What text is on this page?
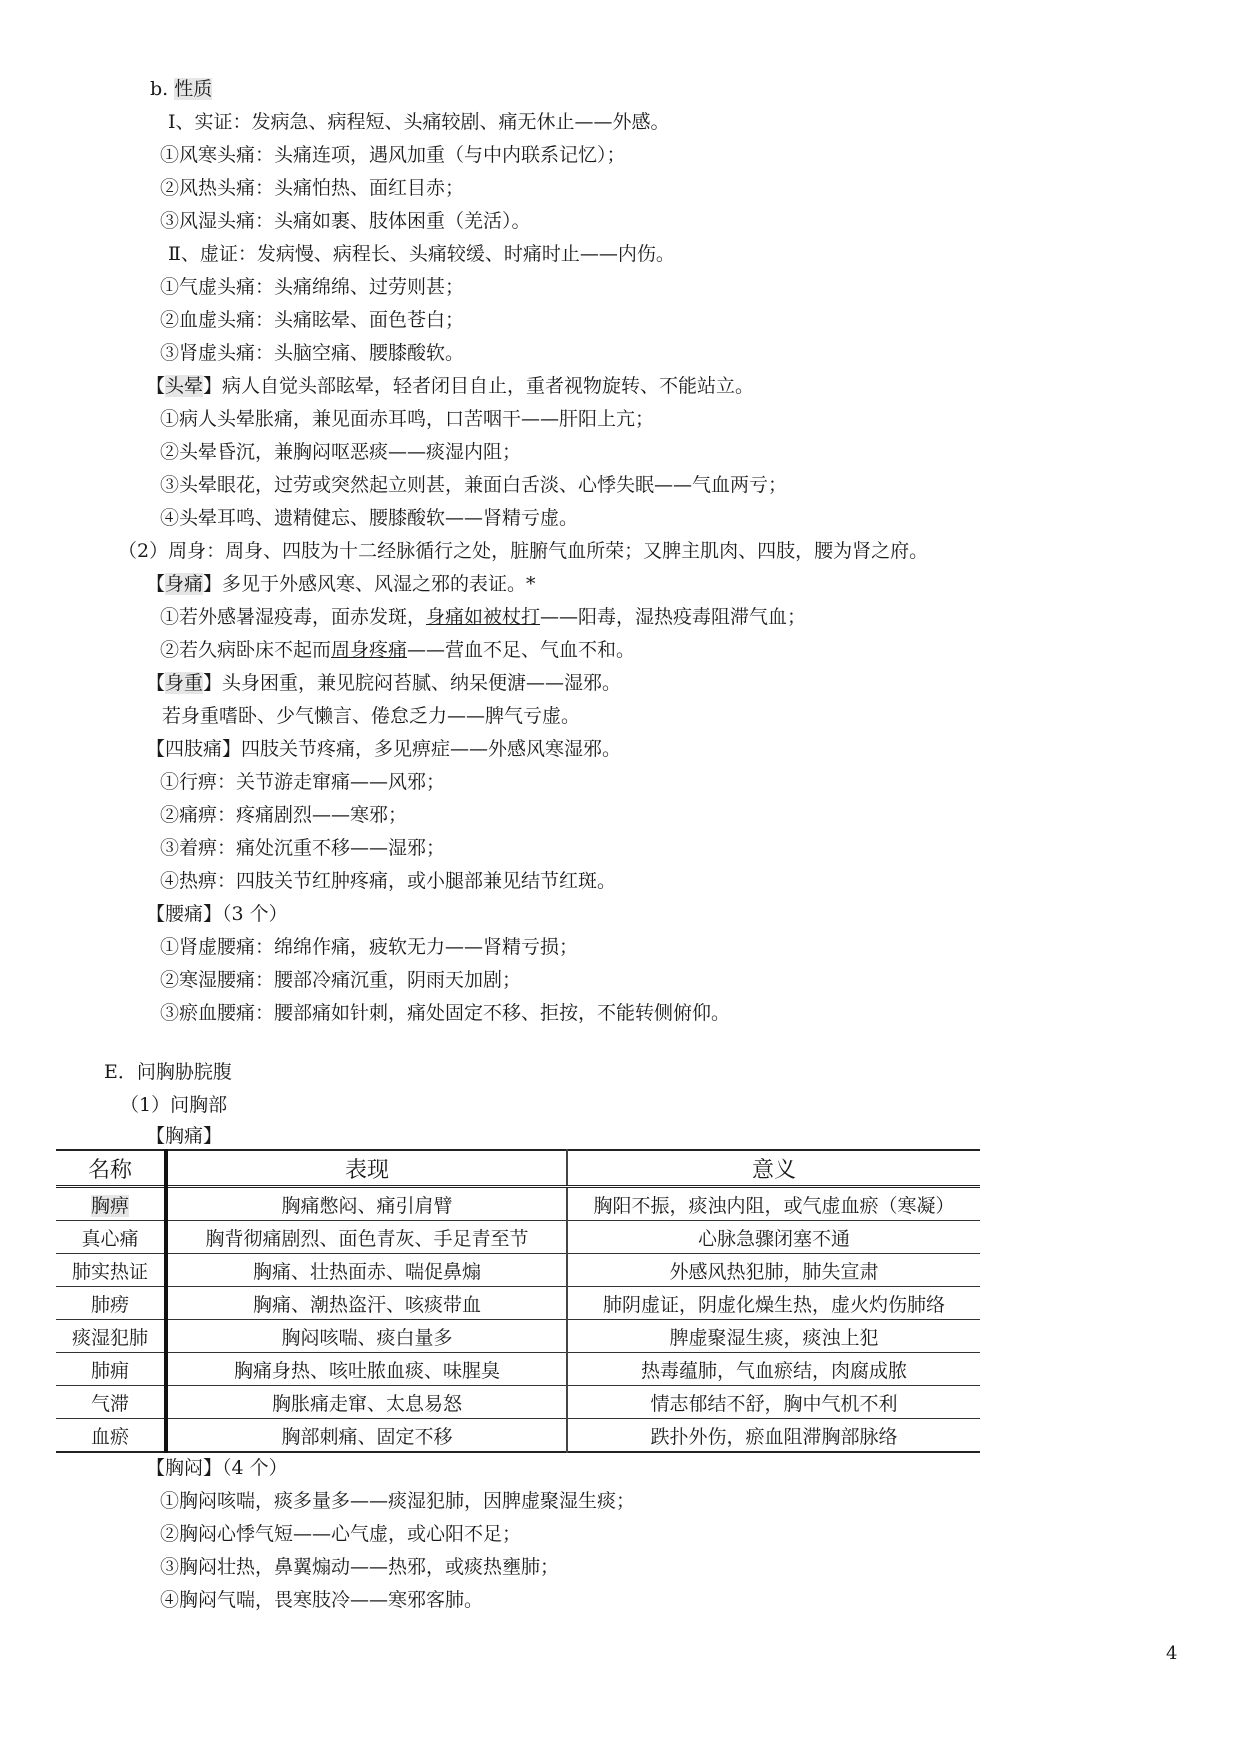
b. 性质
Ⅰ、实证：发病急、病程短、头痛较剧、痛无休止——外感。
①风寒头痛：头痛连项，遇风加重（与中内联系记忆）；
②风热头痛：头痛怕热、面红目赤；
③风湿头痛：头痛如裹、肢体困重（羌活）。
Ⅱ、虚证：发病慢、病程长、头痛较缓、时痛时止——内伤。
①气虚头痛：头痛绵绵、过劳则甚；
②血虚头痛：头痛眩晕、面色苍白；
③肾虚头痛：头脑空痛、腰膝酸软。
【头晕】病人自觉头部眩晕，轻者闭目自止，重者视物旋转、不能站立。
①病人头晕胀痛，兼见面赤耳鸣，口苦咽干——肝阳上亢；
②头晕昏沉，兼胸闷呕恶痰——痰湿内阻；
③头晕眼花，过劳或突然起立则甚，兼面白舌淡、心悸失眠——气血两亏；
④头晕耳鸣、遗精健忘、腰膝酸软——肾精亏虚。
（2）周身：周身、四肢为十二经脉循行之处，脏腑气血所荣；又脾主肌肉、四肢，腰为肾之府。
【身痛】多见于外感风寒、风湿之邪的表证。*
①若外感暑湿疫毒，面赤发斑，身痛如被杖打——阳毒，湿热疫毒阻滞气血；
②若久病卧床不起而周身疼痛——营血不足、气血不和。
【身重】头身困重，兼见脘闷苔腻、纳呆便溏——湿邪。
若身重嗜卧、少气懒言、倦怠乏力——脾气亏虚。
【四肢痛】四肢关节疼痛，多见痹症——外感风寒湿邪。
①行痹：关节游走窜痛——风邪；
②痛痹：疼痛剧烈——寒邪；
③着痹：痛处沉重不移——湿邪；
④热痹：四肢关节红肿疼痛，或小腿部兼见结节红斑。
【腰痛】（3 个）
①肾虚腰痛：绵绵作痛，疲软无力——肾精亏损；
②寒湿腰痛：腰部冷痛沉重，阴雨天加剧；
③瘀血腰痛：腰部痛如针刺，痛处固定不移、拒按，不能转侧俯仰。
E．问胸胁脘腹
（1）问胸部
【胸痛】
名称	表现	意义
胸痹	胸痛憋闷、痛引肩臂	胸阳不振，痰浊内阻，或气虚血瘀（寒凝）
真心痛	胸背彻痛剧烈、面色青灰、手足青至节	心脉急骤闭塞不通
肺实热证	胸痛、壮热面赤、喘促鼻煽	外感风热犯肺，肺失宣肃
肺痨	胸痛、潮热盗汗、咳痰带血	肺阴虚证，阴虚化燥生热，虚火灼伤肺络
痰湿犯肺	胸闷咳喘、痰白量多	脾虚聚湿生痰，痰浊上犯
肺痈	胸痛身热、咳吐脓血痰、味腥臭	热毒蕴肺，气血瘀结，肉腐成脓
气滞	胸胀痛走窜、太息易怒	情志郁结不舒，胸中气机不利
血瘀	胸部刺痛、固定不移	跌扑外伤，瘀血阻滞胸部脉络
【胸闷】（4 个）
①胸闷咳喘，痰多量多——痰湿犯肺，因脾虚聚湿生痰；
②胸闷心悸气短——心气虚，或心阳不足；
③胸闷壮热，鼻翼煽动——热邪，或痰热壅肺；
④胸闷气喘，畏寒肢冷——寒邪客肺。
4
